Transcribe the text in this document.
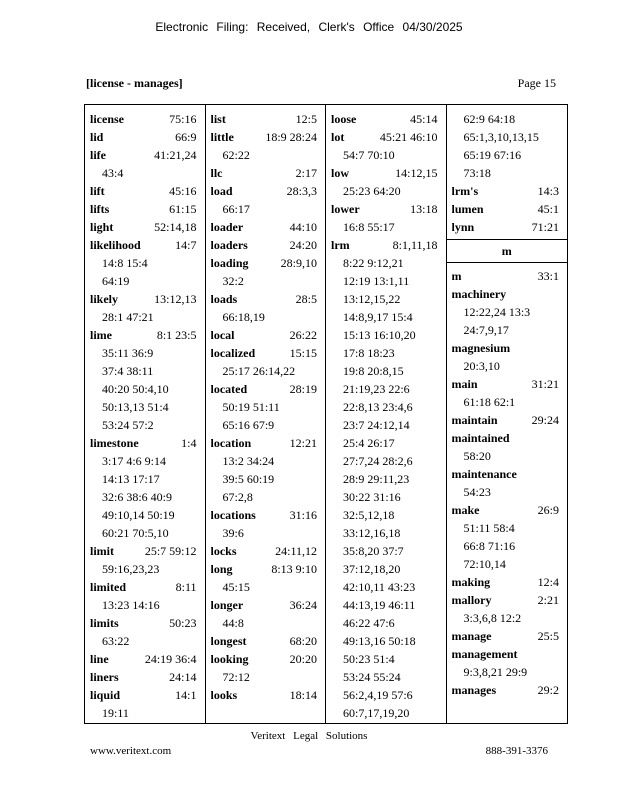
Electronic Filing: Received, Clerk's Office 04/30/2025
[license - manages]	Page 15
license	75:16
lid	66:9
life	41:21,24
43:4
lift	45:16
lifts	61:15
light	52:14,18
likelihood	14:7
14:8 15:4
64:19
likely	13:12,13
28:1 47:21
lime	8:1 23:5
35:11 36:9
37:4 38:11
40:20 50:4,10
50:13,13 51:4
53:24 57:2
limestone	1:4
3:17 4:6 9:14
14:13 17:17
32:6 38:6 40:9
49:10,14 50:19
60:21 70:5,10
limit	25:7 59:12
59:16,23,23
limited	8:11
13:23 14:16
limits	50:23
63:22
line	24:19 36:4
liners	24:14
liquid	14:1
19:11
list	12:5
little	18:9 28:24
62:22
llc	2:17
load	28:3,3
66:17
loader	44:10
loaders	24:20
loading	28:9,10
32:2
loads	28:5
66:18,19
local	26:22
localized	15:15
25:17 26:14,22
located	28:19
50:19 51:11
65:16 67:9
location	12:21
13:2 34:24
39:5 60:19
67:2,8
locations	31:16
39:6
locks	24:11,12
long	8:13 9:10
45:15
longer	36:24
44:8
longest	68:20
looking	20:20
72:12
looks	18:14
loose	45:14
lot	45:21 46:10
54:7 70:10
low	14:12,15
25:23 64:20
lower	13:18
16:8 55:17
lrm	8:1,11,18
8:22 9:12,21
12:19 13:1,11
13:12,15,22
14:8,9,17 15:4
15:13 16:10,20
17:8 18:23
19:8 20:8,15
21:19,23 22:6
22:8,13 23:4,6
23:7 24:12,14
25:4 26:17
27:7,24 28:2,6
28:9 29:11,23
30:22 31:16
32:5,12,18
33:12,16,18
35:8,20 37:7
37:12,18,20
42:10,11 43:23
44:13,19 46:11
46:22 47:6
49:13,16 50:18
50:23 51:4
53:24 55:24
56:2,4,19 57:6
60:7,17,19,20
62:9 64:18
65:1,3,10,13,15
65:19 67:16
73:18
lrm's	14:3
lumen	45:1
lynn	71:21
m
m	33:1
machinery
12:22,24 13:3
24:7,9,17
magnesium
20:3,10
main	31:21
61:18 62:1
maintain	29:24
maintained
58:20
maintenance
54:23
make	26:9
51:11 58:4
66:8 71:16
72:10,14
making	12:4
mallory	2:21
3:3,6,8 12:2
manage	25:5
management
9:3,8,21 29:9
manages	29:2
Veritext Legal Solutions
www.veritext.com	888-391-3376
